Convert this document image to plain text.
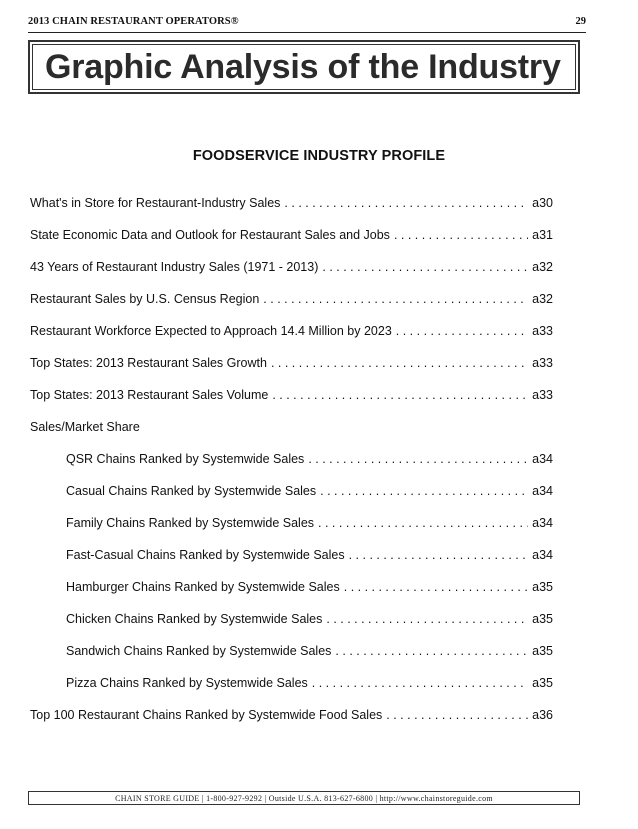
2013 CHAIN RESTAURANT OPERATORS®	29
Graphic Analysis of the Industry
FOODSERVICE INDUSTRY PROFILE
What's in Store for Restaurant-Industry Sales . . .	a30
State Economic Data and Outlook for Restaurant Sales and Jobs . . .	a31
43 Years of Restaurant Industry Sales (1971 - 2013) . . .	a32
Restaurant Sales by U.S. Census Region . . .	a32
Restaurant Workforce Expected to Approach 14.4 Million by 2023 . . .	a33
Top States: 2013 Restaurant Sales Growth . . .	a33
Top States: 2013 Restaurant Sales Volume . . .	a33
Sales/Market Share
QSR Chains Ranked by Systemwide Sales . . .	a34
Casual Chains Ranked by Systemwide Sales . . .	a34
Family Chains Ranked by Systemwide Sales . . .	a34
Fast-Casual Chains Ranked by Systemwide Sales . . .	a34
Hamburger Chains Ranked by Systemwide Sales . . .	a35
Chicken Chains Ranked by Systemwide Sales . . .	a35
Sandwich Chains Ranked by Systemwide Sales . . .	a35
Pizza Chains Ranked by Systemwide Sales . . .	a35
Top 100 Restaurant Chains Ranked by Systemwide Food Sales . . .	a36
CHAIN STORE GUIDE | 1-800-927-9292 | Outside U.S.A. 813-627-6800 | http://www.chainstoreguide.com
